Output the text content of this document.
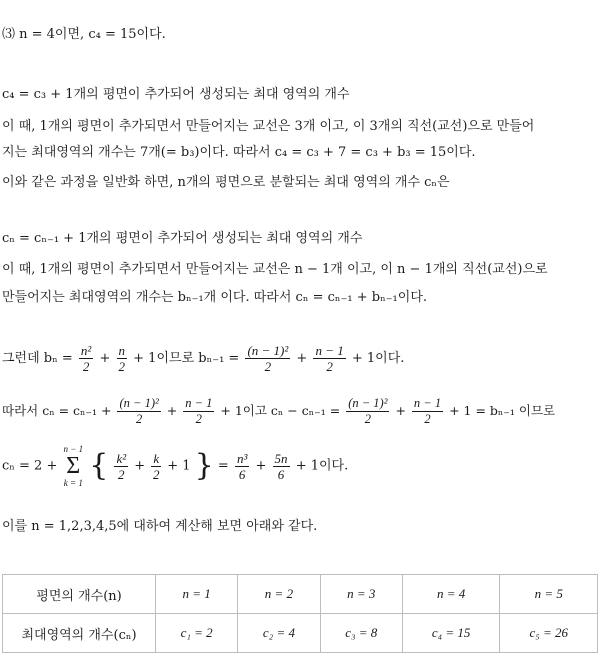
⑶ n = 4이면, c₄ = 15이다.
c₄ = c₃ + 1개의 평면이 추가되어 생성되는 최대 영역의 개수
이 때, 1개의 평면이 추가되면서 만들어지는 교선은 3개 이고, 이 3개의 직선(교선)으로 만들어
지는 최대영역의 개수는 7개(= b₃)이다. 따라서 c₄ = c₃ + 7 = c₃ + b₃ = 15이다.
이와 같은 과정을 일반화 하면, n개의 평면으로 분할되는 최대 영역의 개수 cₙ은
cₙ = cₙ₋₁ + 1개의 평면이 추가되어 생성되는 최대 영역의 개수
이 때, 1개의 평면이 추가되면서 만들어지는 교선은 n − 1개 이고, 이 n − 1개의 직선(교선)으로
만들어지는 최대영역의 개수는 bₙ₋₁개 이다. 따라서 cₙ = cₙ₋₁ + bₙ₋₁이다.
그런데 $b_n = \frac{\text{n²}}{2} + \frac{n}{2} + 1$이므로 $b_{n-1} = \frac{\text{(n − 1)²}}{2} + \frac{n - 1}{2} + 1$이다.
따라서 $c_n = c_{n-1} + \frac{\text{(n − 1)²}}{2} + \frac{n - 1}{2} + 1$이고 $c_n - c_{n-1} = \frac{\text{(n − 1)²}}{2} + \frac{n - 1}{2} + 1 = b_{n-1}$ 이므로
cₙ = 2 +
n − 1
Σ
k = 1 { $\frac{\text{k²}}{2} + \frac{k}{2} + 1$ } = $\frac{\text{n³}}{6} + \frac{5n}{6} + 1$이다.
이를 n = 1,2,3,4,5에 대하여 계산해 보면 아래와 같다.
평면의 개수(n)	n = 1	n = 2	n = 3	n = 4	n = 5
최대영역의 개수(cₙ)	c₁ = 2	c₂ = 4	c₃ = 8	c₄ = 15	c₅ = 26
